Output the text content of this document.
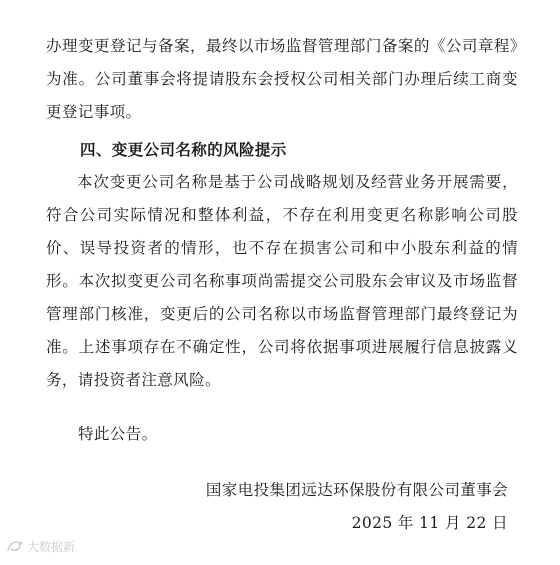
办理变更登记与备案，最终以市场监督管理部门备案的《公司章程》为准。公司董事会将提请股东会授权公司相关部门办理后续工商变更登记事项。

四、变更公司名称的风险提示

本次变更公司名称是基于公司战略规划及经营业务开展需要，符合公司实际情况和整体利益，不存在利用变更名称影响公司股价、误导投资者的情形，也不存在损害公司和中小股东利益的情形。本次拟变更公司名称事项尚需提交公司股东会审议及市场监督管理部门核准，变更后的公司名称以市场监督管理部门最终登记为准。上述事项存在不确定性，公司将依据事项进展履行信息披露义务，请投资者注意风险。

特此公告。

国家电投集团远达环保股份有限公司董事会
2025 年 11 月 22 日
大数据新
